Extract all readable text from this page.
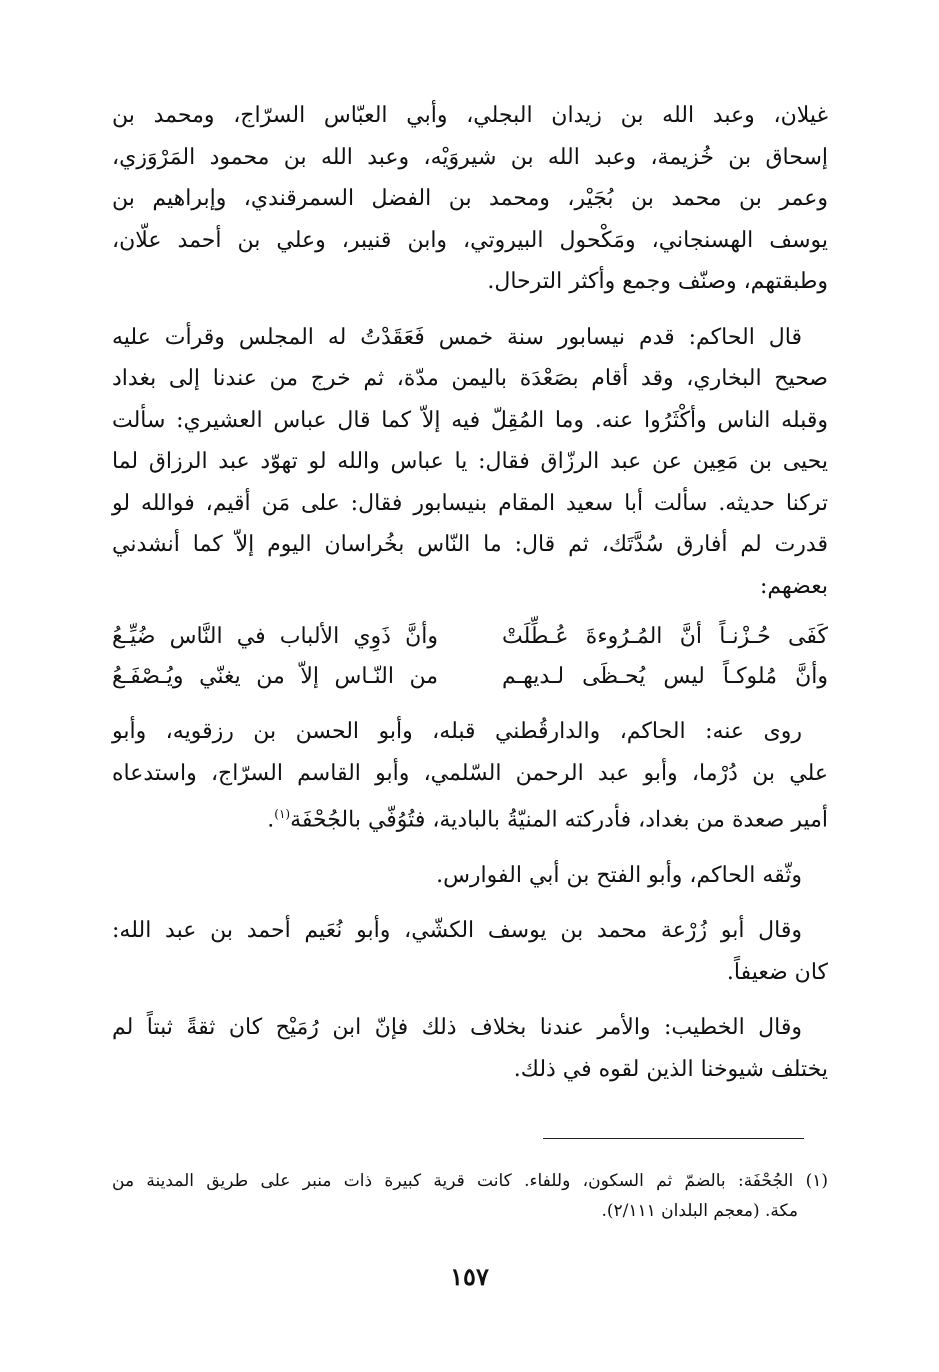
غيلان، وعبد الله بن زيدان البجلي، وأبي العبّاس السرّاج، ومحمد بن
إسحاق بن خُزيمة، وعبد الله بن شيروَيْه، وعبد الله بن محمود المَرْوَزي،
وعمر بن محمد بن بُجَيْر، ومحمد بن الفضل السمرقندي، وإبراهيم بن
يوسف الهسنجاني، ومَكْحول البيروتي، وابن قنيبر، وعلي بن أحمد علّان،
وطبقتهم، وصنّف وجمع وأكثر الترحال.

قال الحاكم: قدم نيسابور سنة خمس فَعَقَدْتُ له المجلس وقرأت عليه
صحيح البخاري، وقد أقام بصَعْدَة باليمن مدّة، ثم خرج من عندنا إلى بغداد
وقبله الناس وأكْثَرُوا عنه. وما المُقِلّ فيه إلاّ كما قال عباس العشيري: سألت
يحيى بن مَعِين عن عبد الرزّاق فقال: يا عباس والله لو تهوّد عبد الرزاق لما
تركنا حديثه. سألت أبا سعيد المقام بنيسابور فقال: على مَن أقيم، فوالله لو
قدرت لم أفارق سُدَّتَك، ثم قال: ما النّاس بخُراسان اليوم إلاّ كما أنشدني
بعضهم:

كَفَى حُـزْنـاً أنَّ المُـرُوءةَ عُـطِّلَتْ
وأنَّ ذَوِي الألباب في النَّاس ضُيِّـعُ
وأنَّ مُلوكـاً ليس يُحـظَى لـديهـم
من النّـاس إلاّ من يغنّي ويُـصْفَـعُ

روى عنه: الحاكم، والدارقُطني قبله، وأبو الحسن بن رزقويه، وأبو
علي بن دُرْما، وأبو عبد الرحمن السّلمي، وأبو القاسم السرّاج، واستدعاه
أمير صعدة من بغداد، فأدركته المنيّةُ بالبادية، فتُوُفّي بالجُحْفَة$^{(١)}$.

وثّقه الحاكم، وأبو الفتح بن أبي الفوارس.

وقال أبو زُرْعة محمد بن يوسف الكشّي، وأبو نُعَيم أحمد بن عبد الله:
كان ضعيفاً.

وقال الخطيب: والأمر عندنا بخلاف ذلك فإنّ ابن رُمَيْح كان ثقةً ثبتاً لم
يختلف شيوخنا الذين لقوه في ذلك.

(١) الجُحْفَة: بالضمّ ثم السكون، وللفاء. كانت قرية كبيرة ذات منبر على طريق المدينة من
مكة. (معجم البلدان ٢/١١١).
١٥٧
